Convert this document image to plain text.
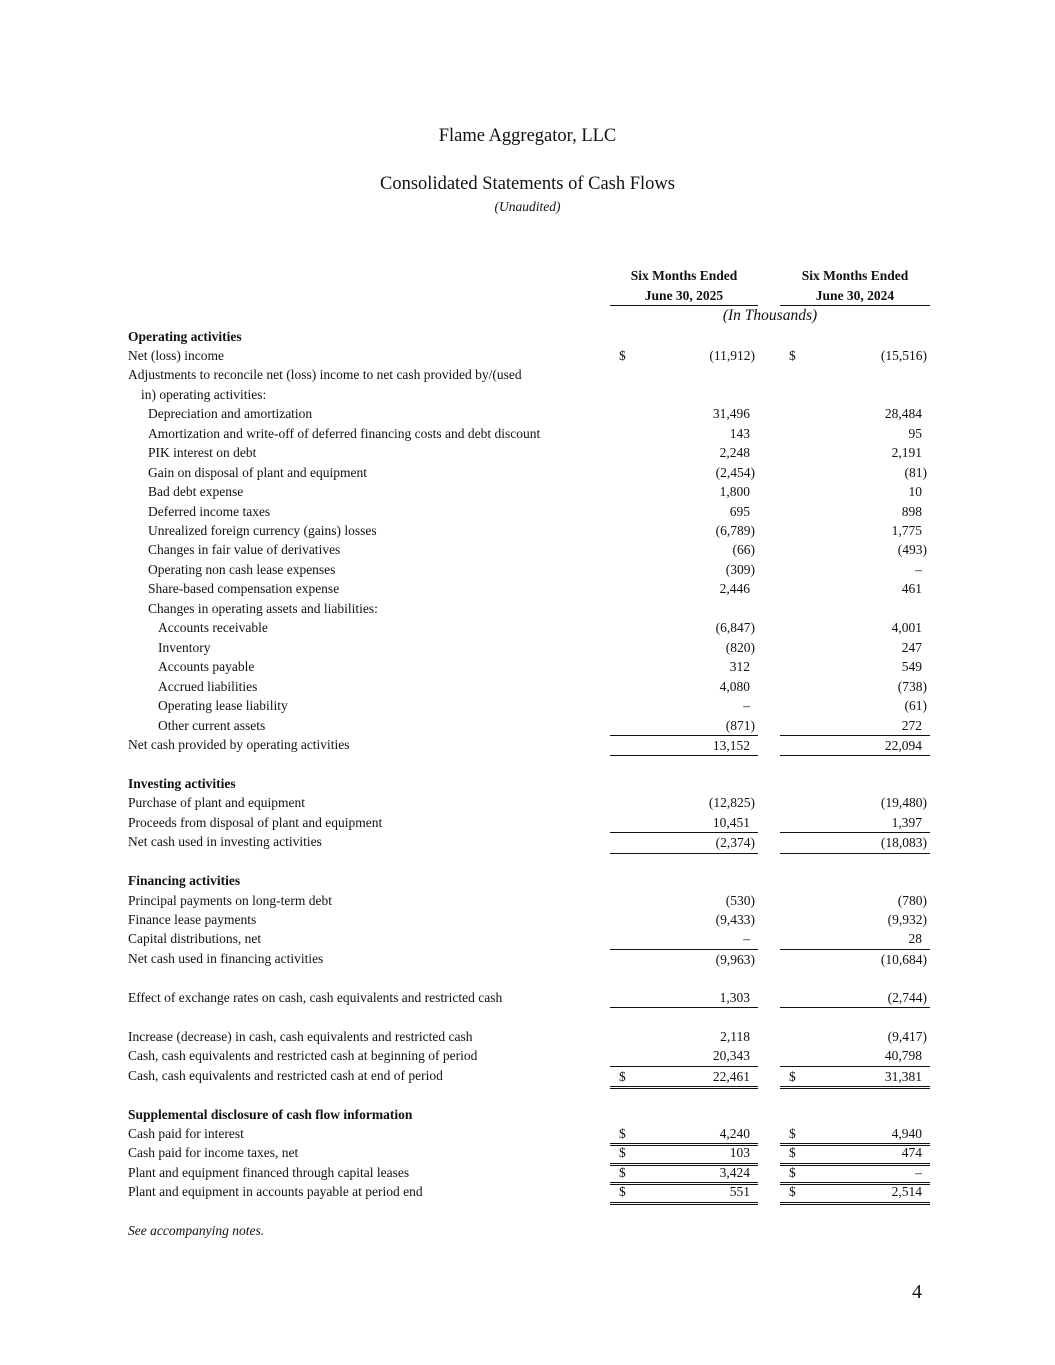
Flame Aggregator, LLC
Consolidated Statements of Cash Flows
(Unaudited)
Six Months Ended
June 30, 2025
Six Months Ended
June 30, 2024
(In Thousands)
Operating activities
Net (loss) income	$	(11,912)	$	(15,516)
Adjustments to reconcile net (loss) income to net cash provided by/(used
in) operating activities:
Depreciation and amortization	31,496	28,484
Amortization and write-off of deferred financing costs and debt discount	143	95
PIK interest on debt	2,248	2,191
Gain on disposal of plant and equipment	(2,454)	(81)
Bad debt expense	1,800	10
Deferred income taxes	695	898
Unrealized foreign currency (gains) losses	(6,789)	1,775
Changes in fair value of derivatives	(66)	(493)
Operating non cash lease expenses	(309)	–
Share-based compensation expense	2,446	461
Changes in operating assets and liabilities:
Accounts receivable	(6,847)	4,001
Inventory	(820)	247
Accounts payable	312	549
Accrued liabilities	4,080	(738)
Operating lease liability	–	(61)
Other current assets	(871)	272
Net cash provided by operating activities	13,152	22,094
Investing activities
Purchase of plant and equipment	(12,825)	(19,480)
Proceeds from disposal of plant and equipment	10,451	1,397
Net cash used in investing activities	(2,374)	(18,083)
Financing activities
Principal payments on long-term debt	(530)	(780)
Finance lease payments	(9,433)	(9,932)
Capital distributions, net	–	28
Net cash used in financing activities	(9,963)	(10,684)
Effect of exchange rates on cash, cash equivalents and restricted cash	1,303	(2,744)
Increase (decrease) in cash, cash equivalents and restricted cash	2,118	(9,417)
Cash, cash equivalents and restricted cash at beginning of period	20,343	40,798
Cash, cash equivalents and restricted cash at end of period	$	22,461	$	31,381
Supplemental disclosure of cash flow information
Cash paid for interest	$	4,240	$	4,940
Cash paid for income taxes, net	$	103	$	474
Plant and equipment financed through capital leases	$	3,424	$	–
Plant and equipment in accounts payable at period end	$	551	$	2,514
See accompanying notes.
4
